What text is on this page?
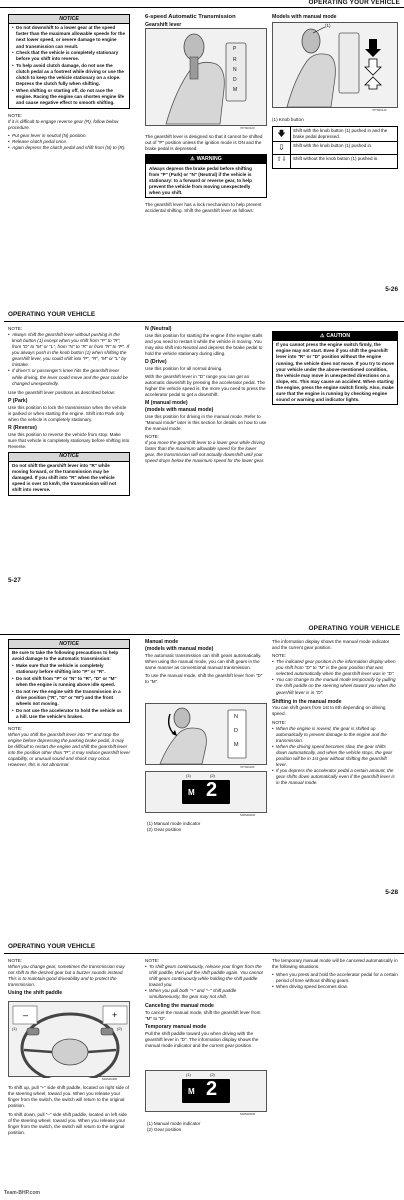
OPERATING YOUR VEHICLE
NOTICE
• Do not downshift to a lower gear at the speed faster than the maximum allowable speeds for the next lower speed, or severe damage to engine and transmission can result.
• Check that the vehicle is completely stationary before you shift into reverse.
• To help avoid clutch damage, do not use the clutch pedal as a footrest while driving or use the clutch to keep the vehicle stationary on a slope. Depress the clutch fully when shifting.
• When shifting or starting off, do not race the engine. Racing the engine can shorten engine life and cause negative effect to smooth shifting.
NOTE:

If it is difficult to engage reverse gear (R), follow below procedure.

• Put gear lever in neutral (N) position.
• Release clutch pedal once.
• Again depress the clutch pedal and shift from (N) to (R).
6-speed Automatic Transmission
Gearshift lever
P
R
N
D
M
76TS00120

The gearshift lever is designed so that it cannot be shifted out of "P" position unless the ignition mode is ON and the brake pedal is depressed.

⚠ WARNING
Always depress the brake pedal before shifting from "P" (Park) or "N" (Neutral) if the vehicle is stationary: to a forward or reverse gear, to help prevent the vehicle from moving unexpectedly when you shift.

The gearshift lever has a lock mechanism to help prevent accidental shifting. Shift the gearshift lever as follows:

Models with manual mode
(1)
76TS00140
(1) Knob button
🡇	Shift with the knob button (1) pushed in and the brake pedal depressed.
⇩	Shift with the knob button (1) pushed in.
⇧⇩	Shift without the knob button (1) pushed in.
5-26
OPERATING YOUR VEHICLE
NOTE:
• Always shift the gearshift lever without pushing in the knob button (1) except when you shift from "P" to "R", from "D" to "M" or "L", from "N" to "R" or from "R" to "P". If you always push in the knob button (1) when shifting the gearshift lever, you could shift into "P", "R", "M" or "L" by mistake.
• If driver's or passenger's knee hits the gearshift lever while driving, the lever could move and the gear could be changed unexpectedly.

Use the gearshift lever positions as described below:

P (Park)

Use this position to lock the transmission when the vehicle is parked or when starting the engine. Shift into Park only when the vehicle is completely stationary.

R (Reverse)

Use this position to reverse the vehicle from stop. Make sure that vehicle is completely stationary before shifting into Reverse.

NOTICE
Do not shift the gearshift lever into "R" while moving forward, or the transmission may be damaged. If you shift into "R" when the vehicle speed is over 10 km/h, the transmission will not shift into reverse.
N (Neutral)

Use this position for starting the engine if the engine stalls and you need to restart it while the vehicle is moving. You may also shift into Neutral and depress the brake pedal to hold the vehicle stationary during idling.

D (Drive)

Use this position for all normal driving.

With the gearshift lever in "D" range you can get an automatic downshift by pressing the accelerator pedal. The higher the vehicle speed is, the more you need to press the accelerator pedal to get a downshift.

M (manual mode)
(models with manual mode)

Use this position for driving in the manual mode. Refer to "Manual mode" later in this section for details on how to use the manual mode.

NOTE:

If you move the gearshift lever to a lower gear while driving faster than the maximum allowable speed for the lower gear, the transmission will not actually downshift until your speed drops below the maximum speed for the lower gear.

⚠ CAUTION
If you cannot press the engine switch firmly, the engine may not start. Even if you shift the gearshift lever into "R" or "D" position without the engine running, the vehicle does not move. If you try to move your vehicle under the above-mentioned condition, the vehicle may move in unexpected directions on a slope, etc. This may cause an accident. When starting the engine, press the engine switch firmly. Also, make sure that the engine is running by checking engine sound or warning and indicator lights.
5-27
OPERATING YOUR VEHICLE
NOTICE

Be sure to take the following precautions to help avoid damage to the automatic transmission:

• Make sure that the vehicle is completely stationary before shifting into "P" or "R".
• Do not shift from "P" or "N" to "R", "D" or "M" when the engine is running above idle speed.
• Do not rev the engine with the transmission in a drive position ("R", "D" or "M") and the front wheels not moving.
• Do not use the accelerator to hold the vehicle on a hill. Use the vehicle's brakes.
NOTE:

When you shift the gearshift lever into "P" and stop the engine before depressing the parking brake pedal, it may be difficult to restart the engine and shift the gearshift lever into the position other than "P"; it may reduce gearshift lever capability, or unusual sound and shock may occur. However, this is not abnormal.

Manual mode
(models with manual mode)

The automatic transmission can shift gears automatically. When using the manual mode, you can shift gears in the same manner as conventional manual transmission.

To use the manual mode, shift the gearshift lever from "D" to "M".

N
D
M
76TS00180
M 2
(1)	(2)
52RM00030
(1) Manual mode indicator
(2) Gear position

The information display shows the manual mode indicator and the current gear position.

NOTE:
• The indicated gear position in the information display when you shift from "D" to "M" is the gear position that was selected automatically when the gearshift lever was in "D".
• You can change to the manual mode temporarily by pulling the shift paddle on the steering wheel toward you when the gearshift lever is in "D".
Shifting in the manual mode

You can shift gears from 1st to 6th depending on driving speed.

NOTE:
• When the engine is revved, the gear is shifted up automatically to prevent damage to the engine and the transmission.
• When the driving speed becomes slow, the gear shifts down automatically, and when the vehicle stops, the gear position will be in 1st gear without shifting the gearshift lever.
• If you depress the accelerator pedal a certain amount, the gear shifts down automatically even if the gearshift lever is in the manual mode.
5-28
OPERATING YOUR VEHICLE
NOTE:

When you change gear, sometimes the transmission may not shift to the desired gear but a buzzer sounds instead. This is to maintain good driveability and to protect the transmission.

Using the shift paddle
–	+
(1)	(2)
52RM00280

To shift up, pull "+" side shift paddle, located on right side of the steering wheel, toward you. When you release your finger from the switch, the switch will return to the original position.

To shift down, pull "–" side shift paddle, located on left side of the steering wheel, toward you. When you release your finger from the switch, the switch will return to the original position.

NOTE:
• To shift gears continuously, release your finger from the shift paddle, then pull the shift paddle again. You cannot shift gears continuously while holding the shift paddle toward you.
• When you pull both "+" and "–" shift paddle simultaneously, the gear may not shift.
Canceling the manual mode

To cancel the manual mode, shift the gearshift lever from "M" to "D".

Temporary manual mode

Pull the shift paddle toward you when driving with the gearshift lever in "D". The information display shows the manual mode indicator and the current gear position.

M 2
(1)	(2)
52RM00030
(1) Manual mode indicator
(2) Gear position

The temporary manual mode will be canceled automatically in the following situations.

• When you press and hold the accelerator pedal for a certain period of time without shifting gears.
• When driving speed becomes slow.
Team-BHP.com
